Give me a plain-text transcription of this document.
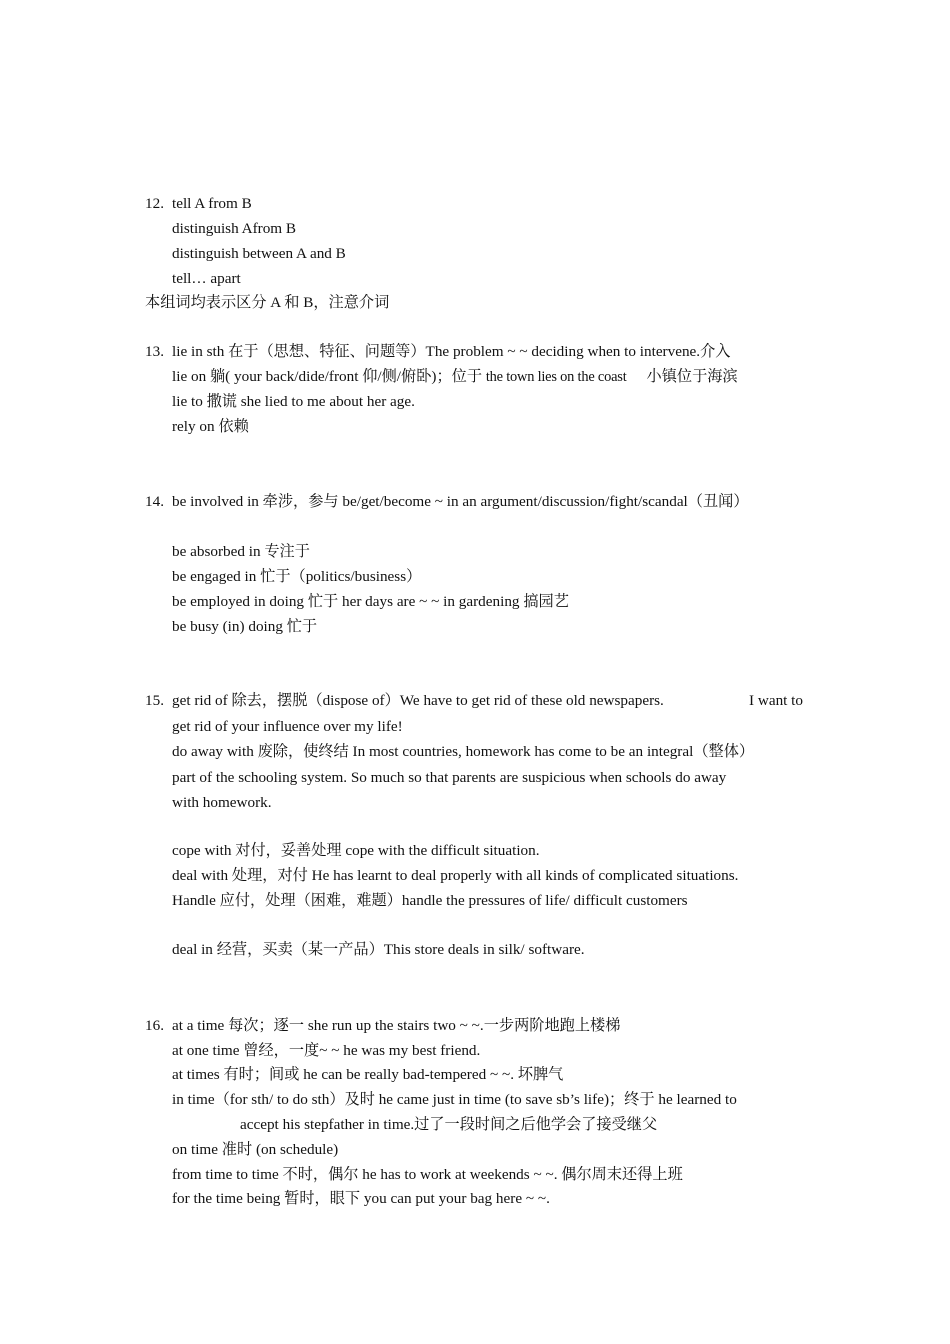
12. tell A from B
distinguish Afrom B
distinguish between A and B
tell… apart
本组词均表示区分 A 和 B，注意介词
13. lie in sth 在于（思想、特征、问题等）The problem ~ ~ deciding when to intervene.介入
lie on 躺( your back/dide/front 仰/侧/俯卧)；位于 the town lies on the coast 小镇位于海滨
lie to 撒谎 she lied to me about her age.
rely on 依赖
14. be involved in 牵涉，参与 be/get/become ~ in an argument/discussion/fight/scandal（丑闻）
be absorbed in 专注于
be engaged in 忙于（politics/business）
be employed in doing 忙于 her days are ~ ~ in gardening 搞园艺
be busy (in) doing 忙于
15. get rid of 除去，摆脱（dispose of）We have to get rid of these old newspapers.	I want to
get rid of your influence over my life!
do away with 废除，使终结 In most countries, homework has come to be an integral（整体）
part of the schooling system. So much so that parents are suspicious when schools do away
with homework.
cope with 对付，妥善处理 cope with the difficult situation.
deal with 处理，对付 He has learnt to deal properly with all kinds of complicated situations.
Handle 应付，处理（困难，难题）handle the pressures of life/ difficult customers
deal in 经营，买卖（某一产品）This store deals in silk/ software.
16. at a time 每次；逐一 she run up the stairs two ~ ~.一步两阶地跑上楼梯
at one time 曾经，一度~ ~ he was my best friend.
at times 有时；间或 he can be really bad-tempered ~ ~. 坏脾气
in time（for sth/ to do sth）及时 he came just in time (to save sb’s life)；终于 he learned to
accept his stepfather in time.过了一段时间之后他学会了接受继父
on time 准时 (on schedule)
from time to time 不时，偶尔 he has to work at weekends ~ ~. 偶尔周末还得上班
for the time being 暂时，眼下 you can put your bag here ~ ~.
